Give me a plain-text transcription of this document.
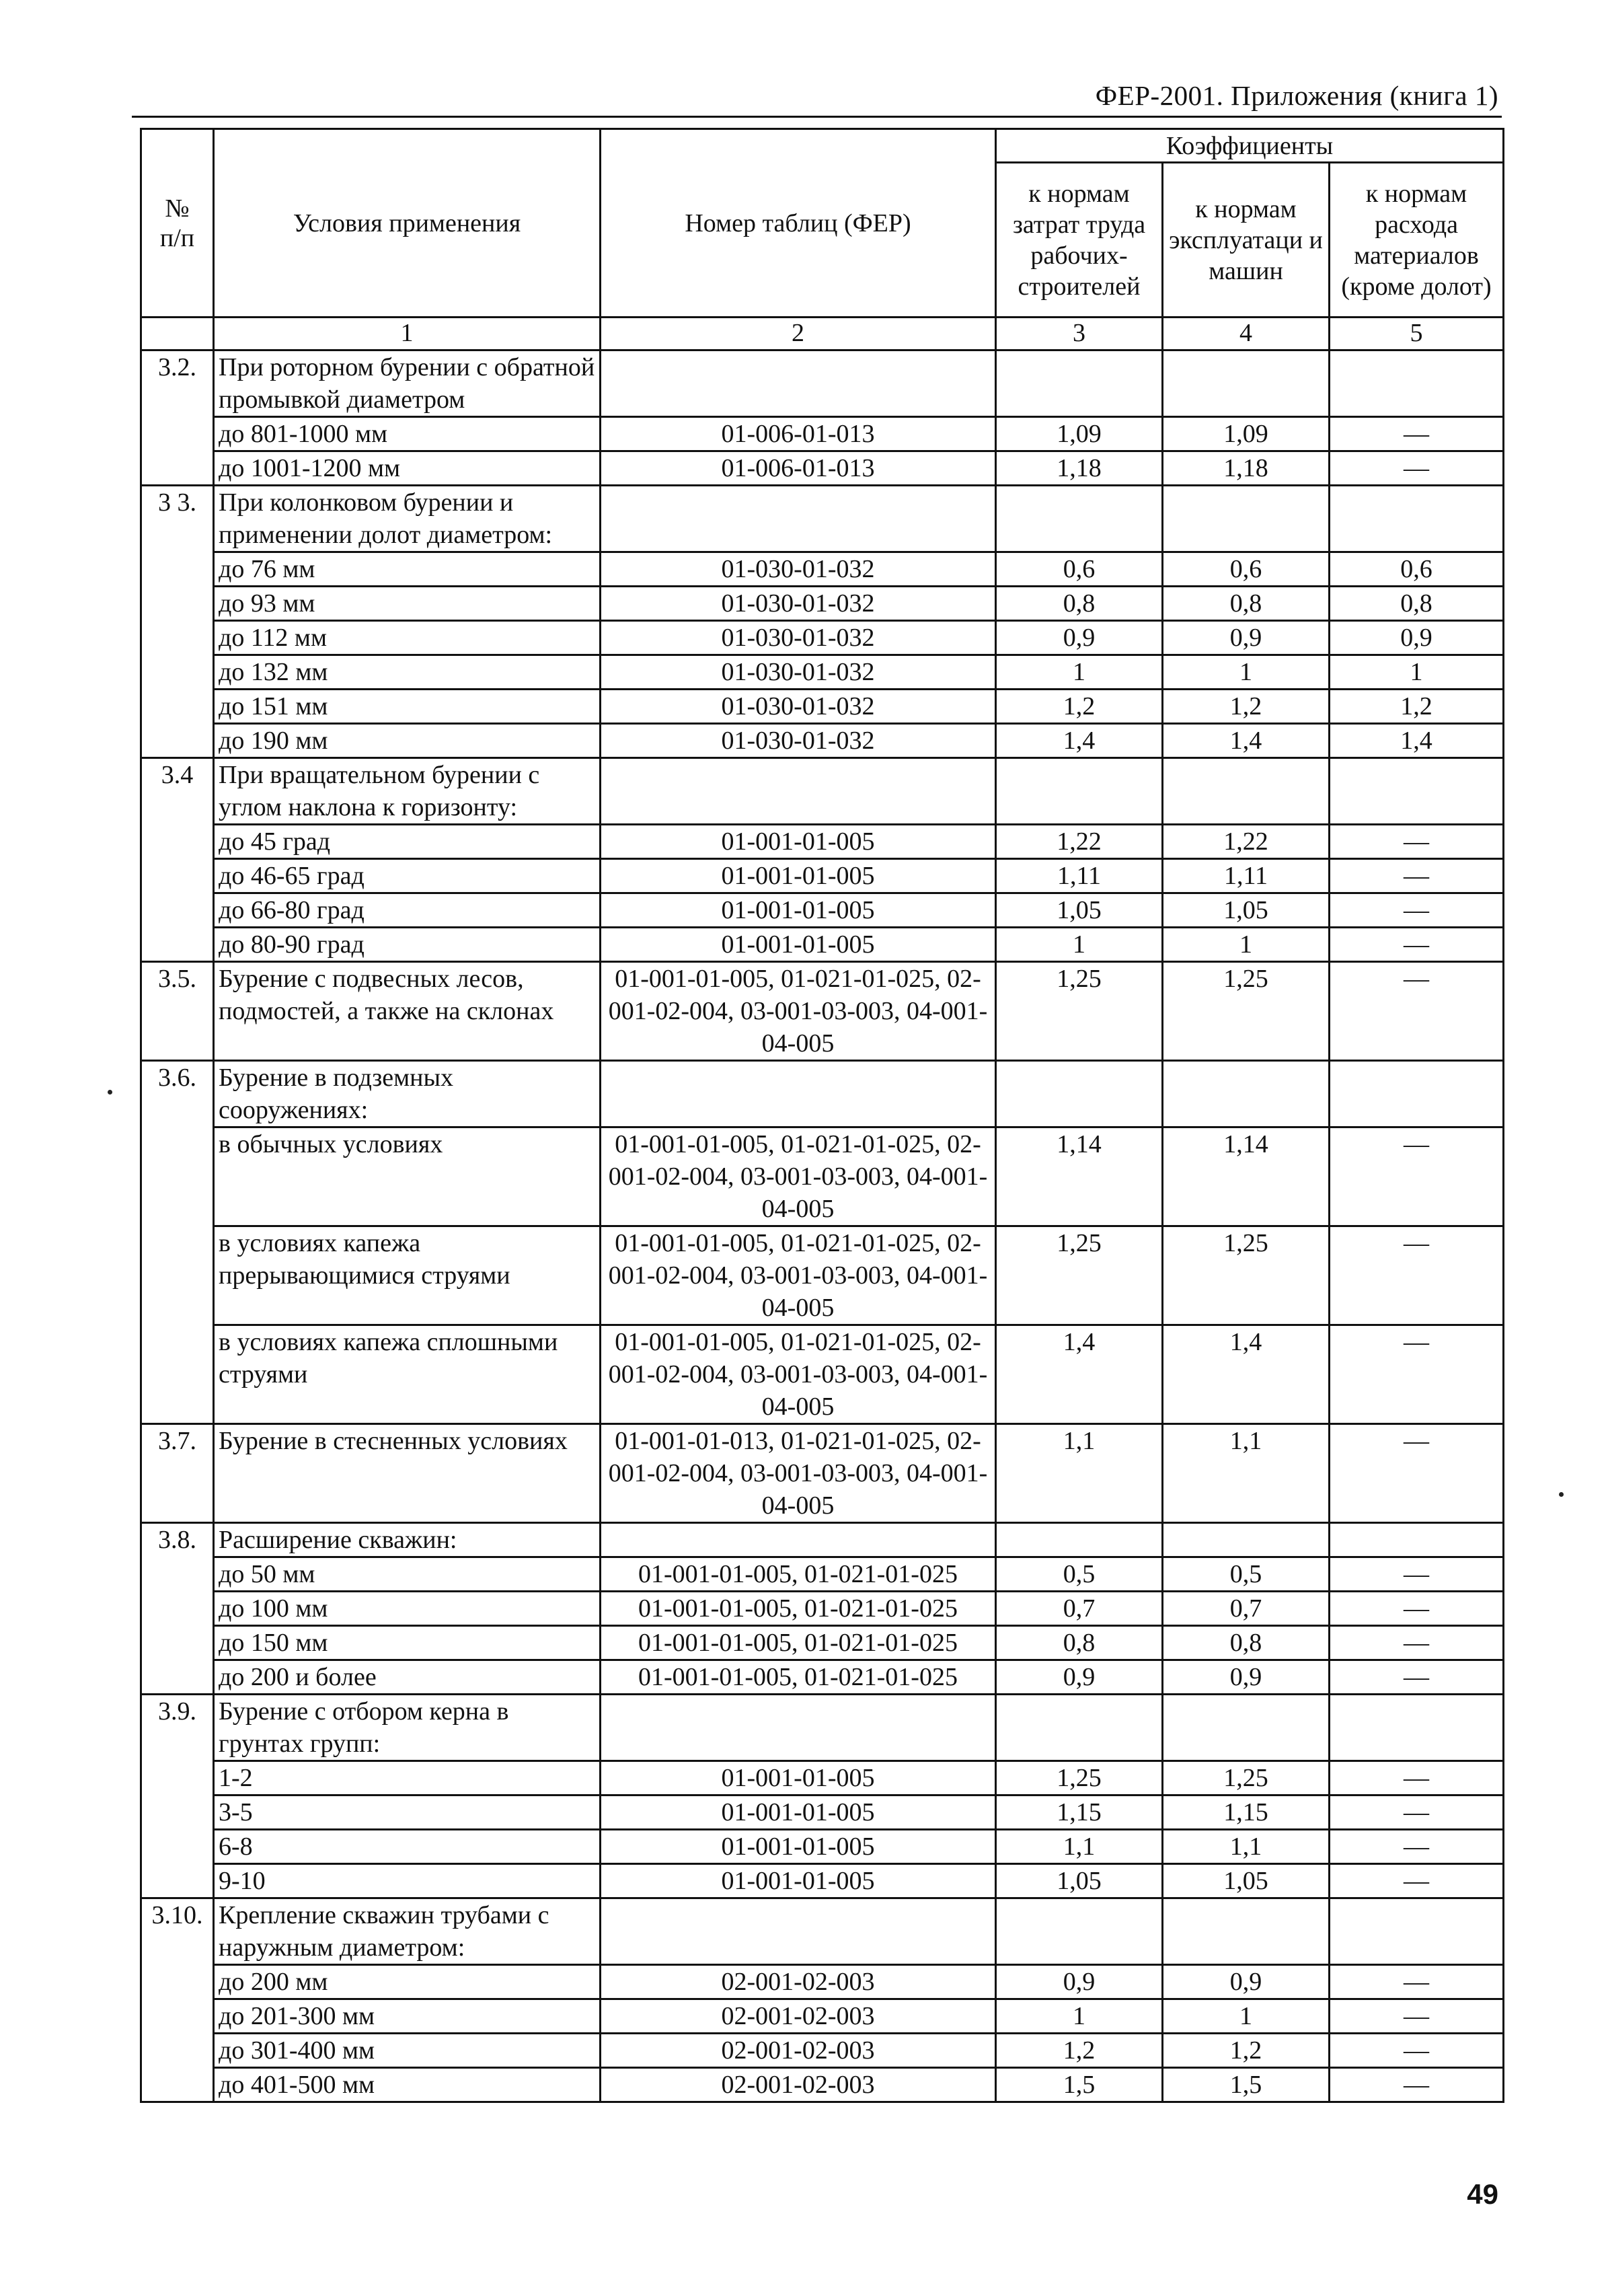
ФЕР-2001. Приложения (книга 1)
№
п/п	Условия применения	Номер таблиц (ФЕР)	Коэффициенты		
			к нормам затрат труда рабочих-строителей	к нормам эксплуатаци и машин	к нормам расхода материалов (кроме долот)
	1	2	3	4	5
3.2.	При роторном бурении с обратной промывкой диаметром				
	до 801-1000 мм	01-006-01-013	1,09	1,09	—
	до 1001-1200 мм	01-006-01-013	1,18	1,18	—
3 3.	При колонковом бурении и применении долот диаметром:				
	до 76 мм	01-030-01-032	0,6	0,6	0,6
	до 93 мм	01-030-01-032	0,8	0,8	0,8
	до 112 мм	01-030-01-032	0,9	0,9	0,9
	до 132 мм	01-030-01-032	1	1	1
	до 151 мм	01-030-01-032	1,2	1,2	1,2
	до 190 мм	01-030-01-032	1,4	1,4	1,4
3.4	При вращательном бурении с углом наклона к горизонту:				
	до 45 град	01-001-01-005	1,22	1,22	—
	до 46-65 град	01-001-01-005	1,11	1,11	—
	до 66-80 град	01-001-01-005	1,05	1,05	—
	до 80-90 град	01-001-01-005	1	1	—
3.5.	Бурение с подвесных лесов, подмостей, а также на склонах	01-001-01-005, 01-021-01-025, 02-001-02-004, 03-001-03-003, 04-001-04-005	1,25	1,25	—
3.6.	Бурение в подземных сооружениях:				
	в обычных условиях	01-001-01-005, 01-021-01-025, 02-001-02-004, 03-001-03-003, 04-001-04-005	1,14	1,14	—
	в условиях капежа прерывающимися струями	01-001-01-005, 01-021-01-025, 02-001-02-004, 03-001-03-003, 04-001-04-005	1,25	1,25	—
	в условиях капежа сплошными струями	01-001-01-005, 01-021-01-025, 02-001-02-004, 03-001-03-003, 04-001-04-005	1,4	1,4	—
3.7.	Бурение в стесненных условиях	01-001-01-013, 01-021-01-025, 02-001-02-004, 03-001-03-003, 04-001-04-005	1,1	1,1	—
3.8.	Расширение скважин:				
	до 50 мм	01-001-01-005, 01-021-01-025	0,5	0,5	—
	до 100 мм	01-001-01-005, 01-021-01-025	0,7	0,7	—
	до 150 мм	01-001-01-005, 01-021-01-025	0,8	0,8	—
	до 200 и более	01-001-01-005, 01-021-01-025	0,9	0,9	—
3.9.	Бурение с отбором керна в грунтах групп:				
	1-2	01-001-01-005	1,25	1,25	—
	3-5	01-001-01-005	1,15	1,15	—
	6-8	01-001-01-005	1,1	1,1	—
	9-10	01-001-01-005	1,05	1,05	—
3.10.	Крепление скважин трубами с наружным диаметром:				
	до 200 мм	02-001-02-003	0,9	0,9	—
	до 201-300 мм	02-001-02-003	1	1	—
	до 301-400 мм	02-001-02-003	1,2	1,2	—
	до 401-500 мм	02-001-02-003	1,5	1,5	—
49
